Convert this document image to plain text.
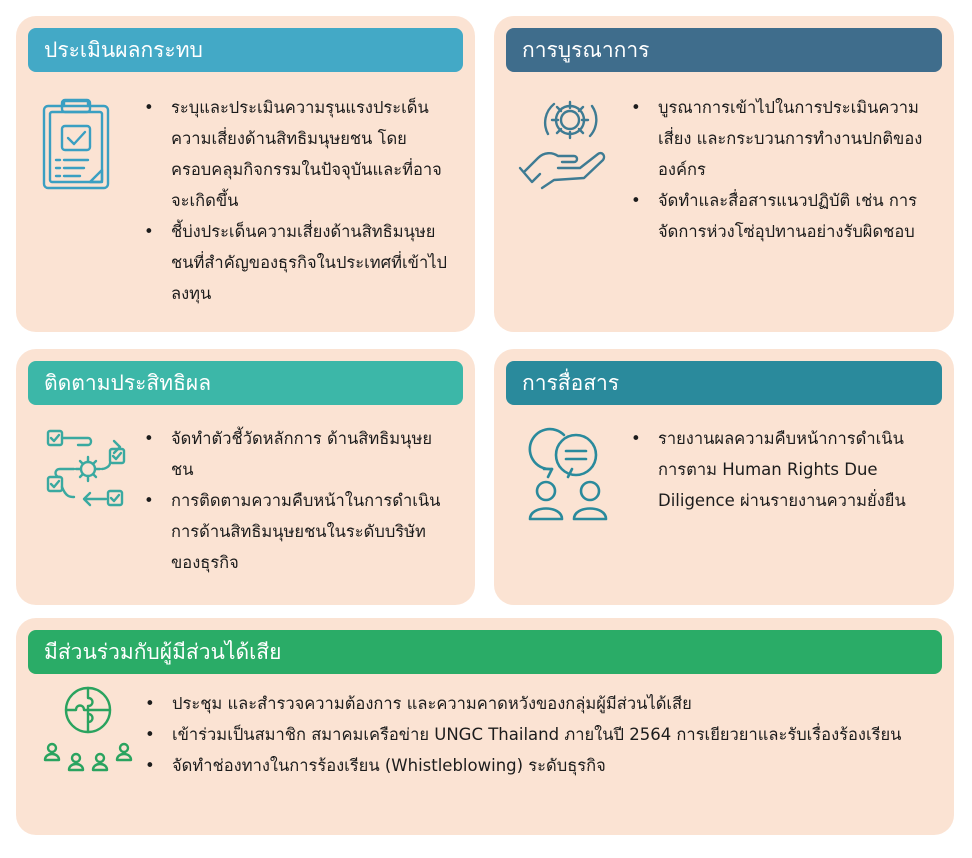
ประเมินผลกระทบ
• ระบุและประเมินความรุนแรงประเด็นความเสี่ยงด้านสิทธิมนุษยชน โดยครอบคลุมกิจกรรมในปัจจุบันและที่อาจจะเกิดขึ้น
• ชี้บ่งประเด็นความเสี่ยงด้านสิทธิมนุษยชนที่สำคัญของธุรกิจในประเทศที่เข้าไปลงทุน
การบูรณาการ
• บูรณาการเข้าไปในการประเมินความเสี่ยง และกระบวนการทำงานปกติขององค์กร
• จัดทำและสื่อสารแนวปฏิบัติ เช่น การจัดการห่วงโซ่อุปทานอย่างรับผิดชอบ
ติดตามประสิทธิผล
• จัดทำตัวชี้วัดหลักการ ด้านสิทธิมนุษยชน
• การติดตามความคืบหน้าในการดำเนินการด้านสิทธิมนุษยชนในระดับบริษัทของธุรกิจ
การสื่อสาร
• รายงานผลความคืบหน้าการดำเนินการตาม Human Rights Due Diligence ผ่านรายงานความยั่งยืน
มีส่วนร่วมกับผู้มีส่วนได้เสีย
• ประชุม และสำรวจความต้องการ และความคาดหวังของกลุ่มผู้มีส่วนได้เสีย
• เข้าร่วมเป็นสมาชิก สมาคมเครือข่าย UNGC Thailand ภายในปี 2564 การเยียวยาและรับเรื่องร้องเรียน
• จัดทำช่องทางในการร้องเรียน (Whistleblowing) ระดับธุรกิจ
